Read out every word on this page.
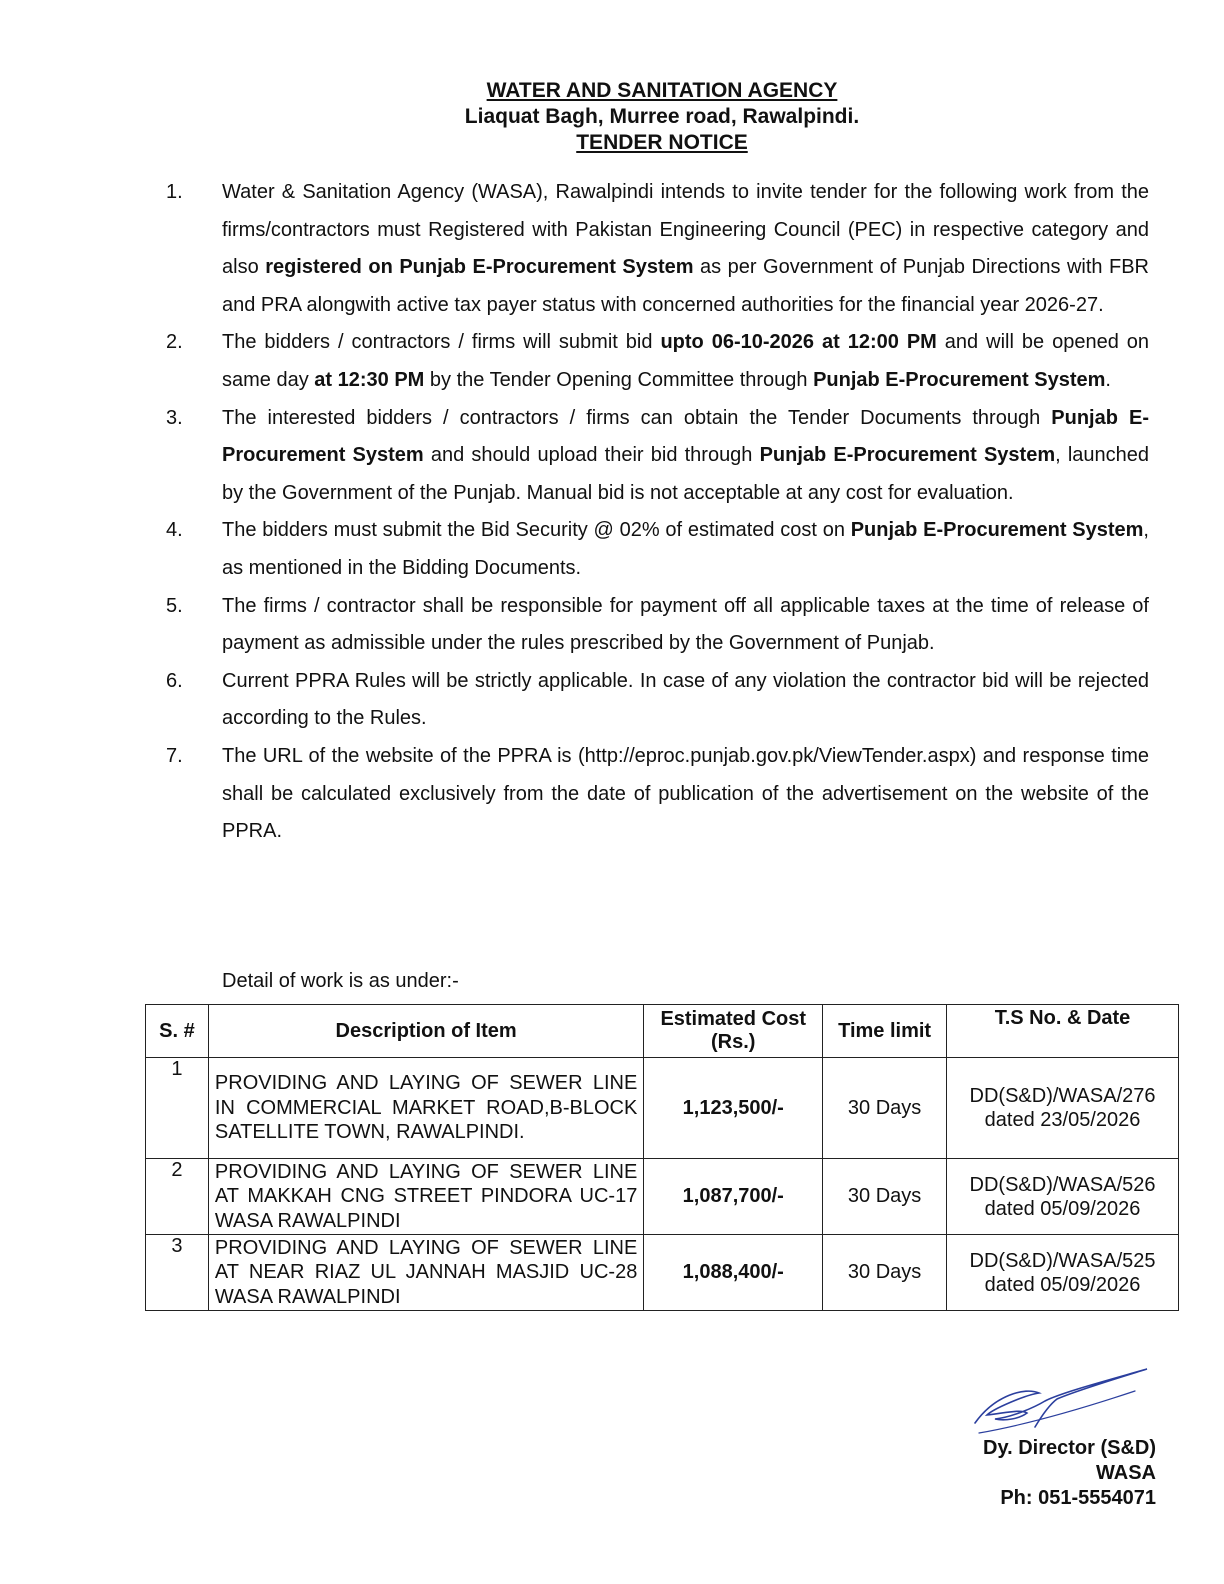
WATER AND SANITATION AGENCY
Liaquat Bagh, Murree road, Rawalpindi.
TENDER NOTICE
1.	Water & Sanitation Agency (WASA), Rawalpindi intends to invite tender for the following work from the firms/contractors must Registered with Pakistan Engineering Council (PEC) in respective category and also registered on Punjab E-Procurement System as per Government of Punjab Directions with FBR and PRA alongwith active tax payer status with concerned authorities for the financial year 2026-27.
2.	The bidders / contractors / firms will submit bid upto 06-10-2026 at 12:00 PM and will be opened on same day at 12:30 PM by the Tender Opening Committee through Punjab E-Procurement System.
3.	The interested bidders / contractors / firms can obtain the Tender Documents through Punjab E-Procurement System and should upload their bid through Punjab E-Procurement System, launched by the Government of the Punjab. Manual bid is not acceptable at any cost for evaluation.
4.	The bidders must submit the Bid Security @ 02% of estimated cost on Punjab E-Procurement System, as mentioned in the Bidding Documents.
5.	The firms / contractor shall be responsible for payment off all applicable taxes at the time of release of payment as admissible under the rules prescribed by the Government of Punjab.
6.	Current PPRA Rules will be strictly applicable. In case of any violation the contractor bid will be rejected according to the Rules.
7.	The URL of the website of the PPRA is (http://eproc.punjab.gov.pk/ViewTender.aspx) and response time shall be calculated exclusively from the date of publication of the advertisement on the website of the PPRA.
Detail of work is as under:-
S. #	Description of Item	Estimated Cost (Rs.)	Time limit	T.S No. & Date
1	PROVIDING AND LAYING OF SEWER LINE IN COMMERCIAL MARKET ROAD,B-BLOCK SATELLITE TOWN, RAWALPINDI.	1,123,500/-	30 Days	DD(S&D)/WASA/276
dated 23/05/2026

2	PROVIDING AND LAYING OF SEWER LINE AT MAKKAH CNG STREET PINDORA UC-17 WASA RAWALPINDI	1,087,700/-	30 Days	DD(S&D)/WASA/526
dated 05/09/2026

3	PROVIDING AND LAYING OF SEWER LINE AT NEAR RIAZ UL JANNAH MASJID UC-28 WASA RAWALPINDI	1,088,400/-	30 Days	DD(S&D)/WASA/525
dated 05/09/2026
Dy. Director (S&D)
WASA
Ph: 051-5554071
